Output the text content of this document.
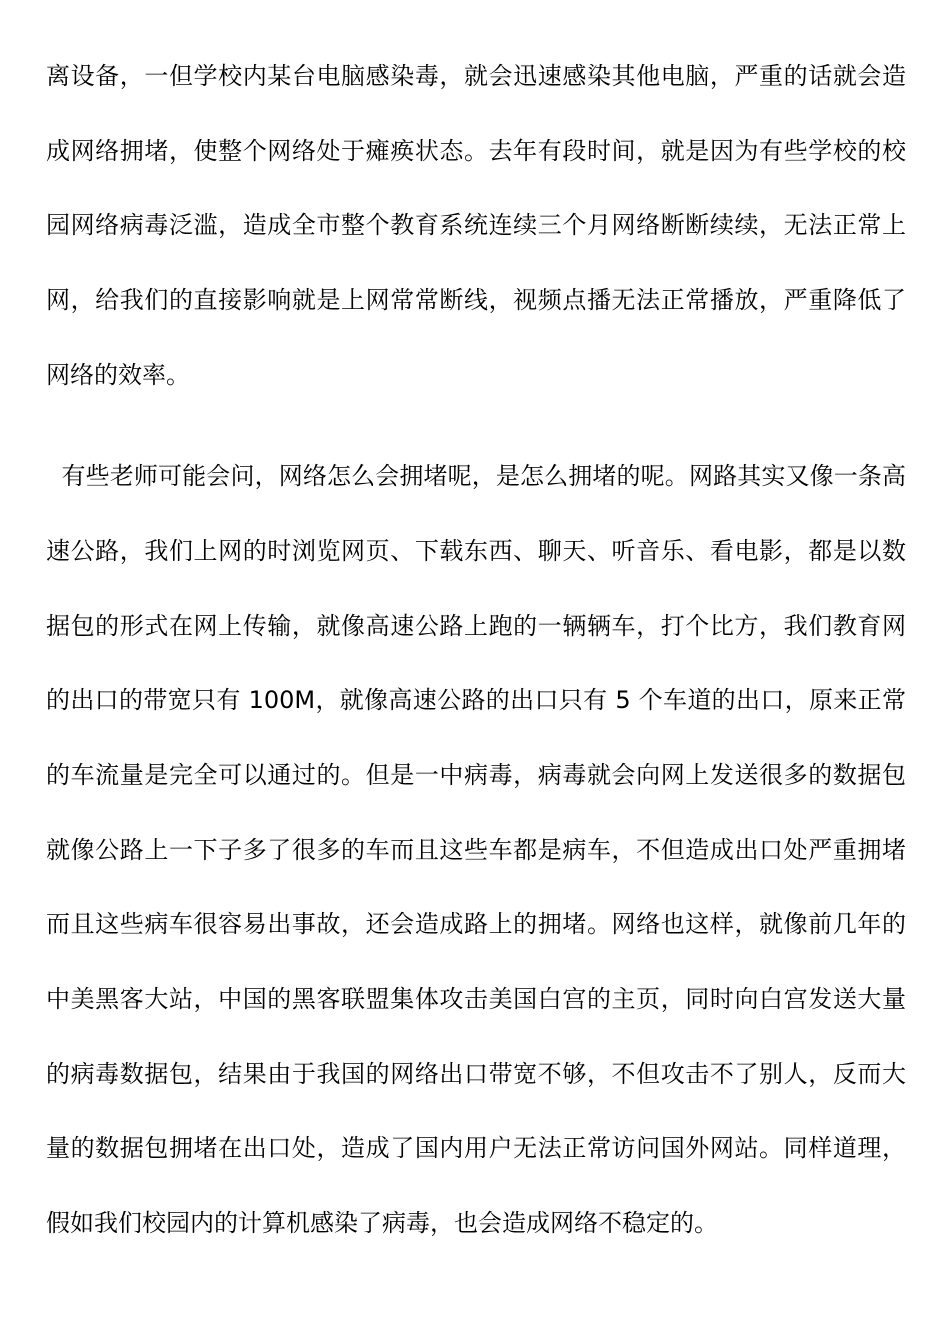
离设备，一但学校内某台电脑感染毒，就会迅速感染其他电脑，严重的话就会造
成网络拥堵，使整个网络处于瘫痪状态。去年有段时间，就是因为有些学校的校
园网络病毒泛滥，造成全市整个教育系统连续三个月网络断断续续，无法正常上
网，给我们的直接影响就是上网常常断线，视频点播无法正常播放，严重降低了
网络的效率。
有些老师可能会问，网络怎么会拥堵呢，是怎么拥堵的呢。网路其实又像一条高
速公路，我们上网的时浏览网页、下载东西、聊天、听音乐、看电影，都是以数
据包的形式在网上传输，就像高速公路上跑的一辆辆车，打个比方，我们教育网
的出口的带宽只有 100M，就像高速公路的出口只有 5 个车道的出口，原来正常
的车流量是完全可以通过的。但是一中病毒，病毒就会向网上发送很多的数据包
就像公路上一下子多了很多的车而且这些车都是病车，不但造成出口处严重拥堵
而且这些病车很容易出事故，还会造成路上的拥堵。网络也这样，就像前几年的
中美黑客大站，中国的黑客联盟集体攻击美国白宫的主页，同时向白宫发送大量
的病毒数据包，结果由于我国的网络出口带宽不够，不但攻击不了别人，反而大
量的数据包拥堵在出口处，造成了国内用户无法正常访问国外网站。同样道理，
假如我们校园内的计算机感染了病毒，也会造成网络不稳定的。
